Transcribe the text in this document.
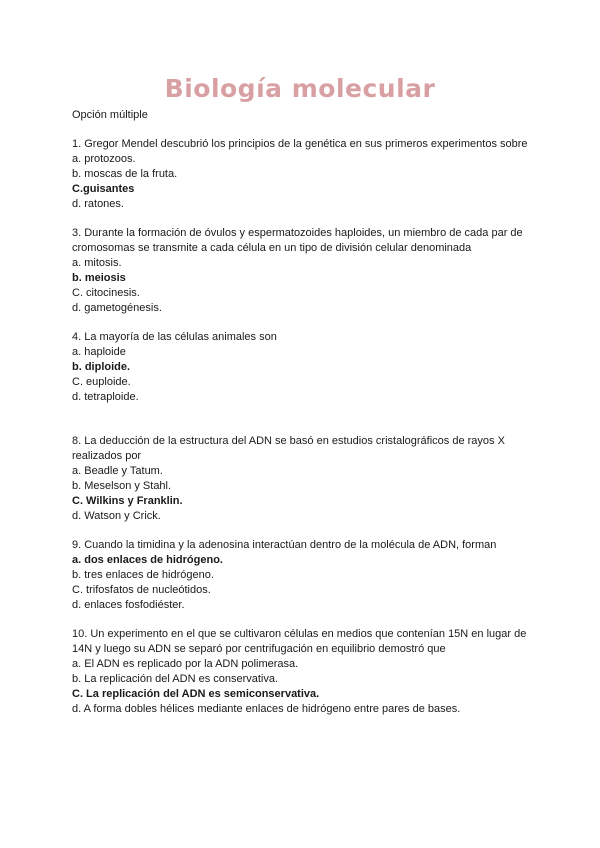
Biología molecular
Opción múltiple
1. Gregor Mendel descubrió los principios de la genética en sus primeros experimentos sobre
a. protozoos.
b. moscas de la fruta.
C.guisantes
d. ratones.
3. Durante la formación de óvulos y espermatozoides haploides, un miembro de cada par de cromosomas se transmite a cada célula en un tipo de división celular denominada
a. mitosis.
b. meiosis
C. citocinesis.
d. gametogénesis.
4. La mayoría de las células animales son
a. haploide
b. diploide.
C. euploide.
d. tetraploide.
8. La deducción de la estructura del ADN se basó en estudios cristalográficos de rayos X realizados por
a. Beadle y Tatum.
b. Meselson y Stahl.
C. Wilkins y Franklin.
d. Watson y Crick.
9. Cuando la timidina y la adenosina interactúan dentro de la molécula de ADN, forman
a. dos enlaces de hidrógeno.
b. tres enlaces de hidrógeno.
C. trifosfatos de nucleótidos.
d. enlaces fosfodiéster.
10. Un experimento en el que se cultivaron células en medios que contenían 15N en lugar de 14N y luego su ADN se separó por centrifugación en equilibrio demostró que
a. El ADN es replicado por la ADN polimerasa.
b. La replicación del ADN es conservativa.
C. La replicación del ADN es semiconservativa.
d. A forma dobles hélices mediante enlaces de hidrógeno entre pares de bases.
